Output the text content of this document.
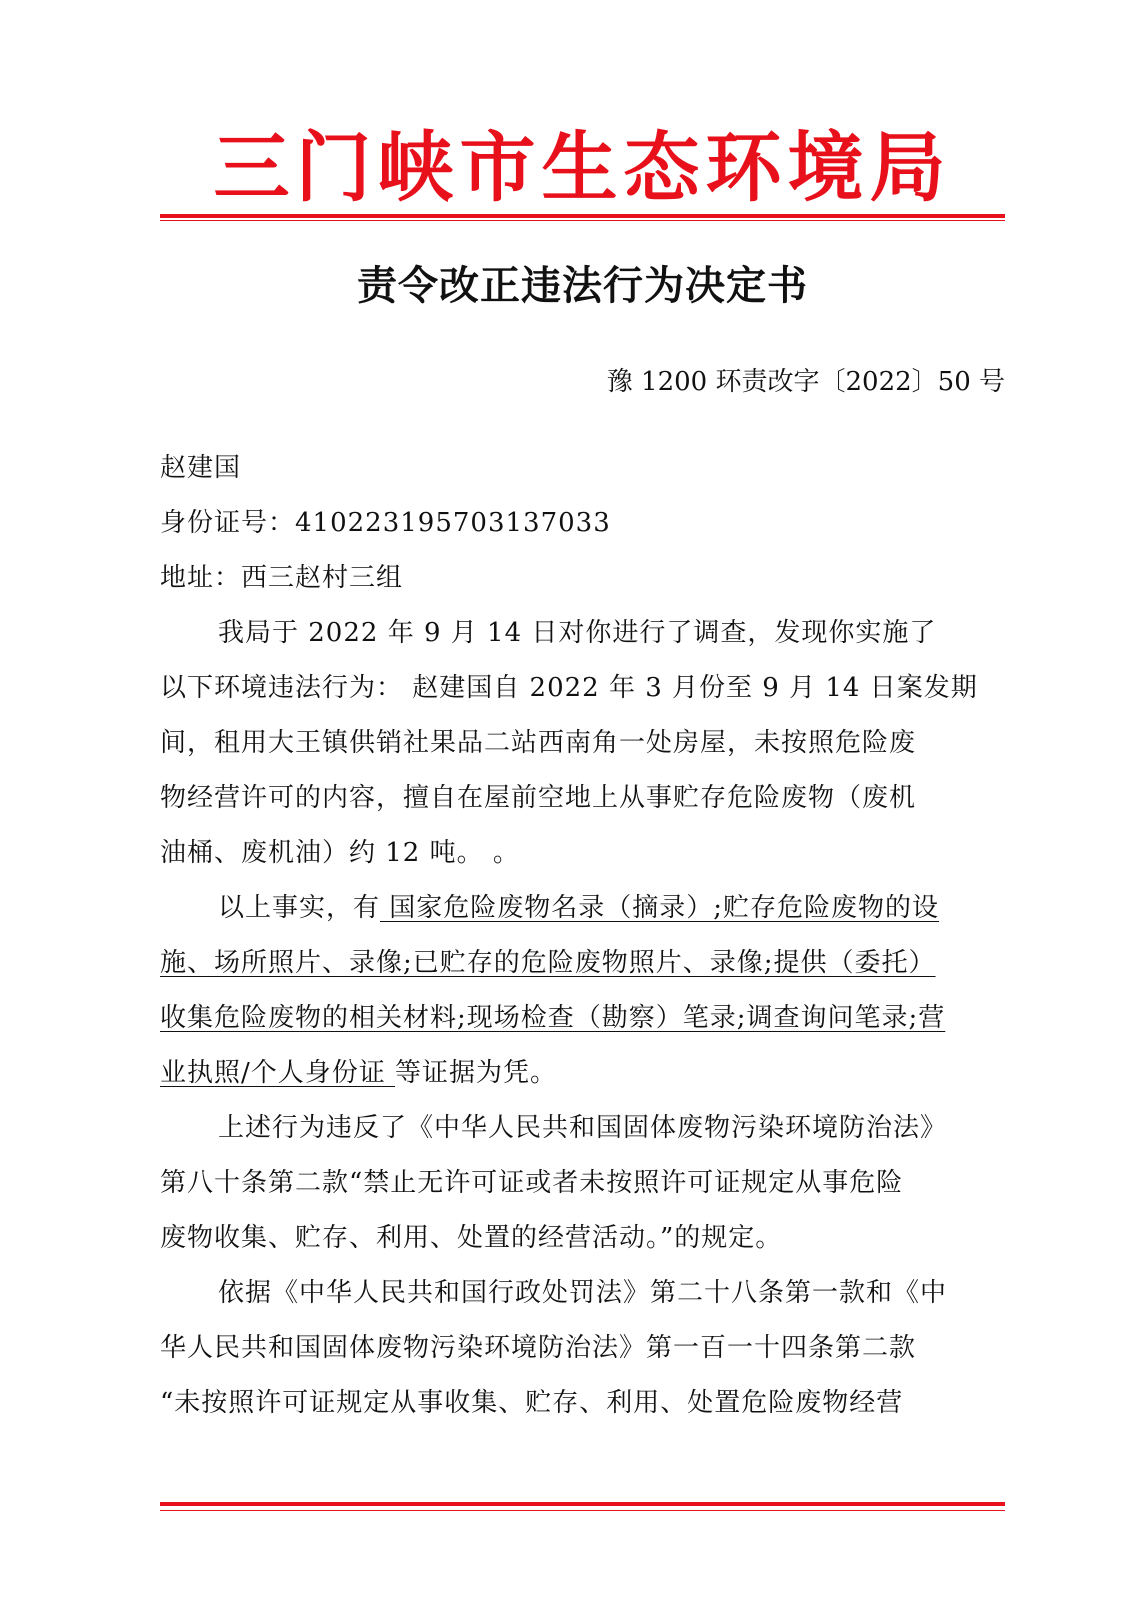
三门峡市生态环境局
责令改正违法行为决定书
豫 1200 环责改字〔2022〕50 号
赵建国
身份证号：410223195703137033
地址：西三赵村三组
我局于 2022 年 9 月 14 日对你进行了调查，发现你实施了
以下环境违法行为： 赵建国自 2022 年 3 月份至 9 月 14 日案发期
间，租用大王镇供销社果品二站西南角一处房屋，未按照危险废
物经营许可的内容，擅自在屋前空地上从事贮存危险废物（废机
油桶、废机油）约 12 吨。 。
以上事实，有 国家危险废物名录（摘录）;贮存危险废物的设
施、场所照片、录像;已贮存的危险废物照片、录像;提供（委托）
收集危险废物的相关材料;现场检查（勘察）笔录;调查询问笔录;营
业执照/个人身份证 等证据为凭。
上述行为违反了《中华人民共和国固体废物污染环境防治法》
第八十条第二款“禁止无许可证或者未按照许可证规定从事危险
废物收集、贮存、利用、处置的经营活动。”的规定。
依据《中华人民共和国行政处罚法》第二十八条第一款和《中
华人民共和国固体废物污染环境防治法》第一百一十四条第二款
“未按照许可证规定从事收集、贮存、利用、处置危险废物经营
